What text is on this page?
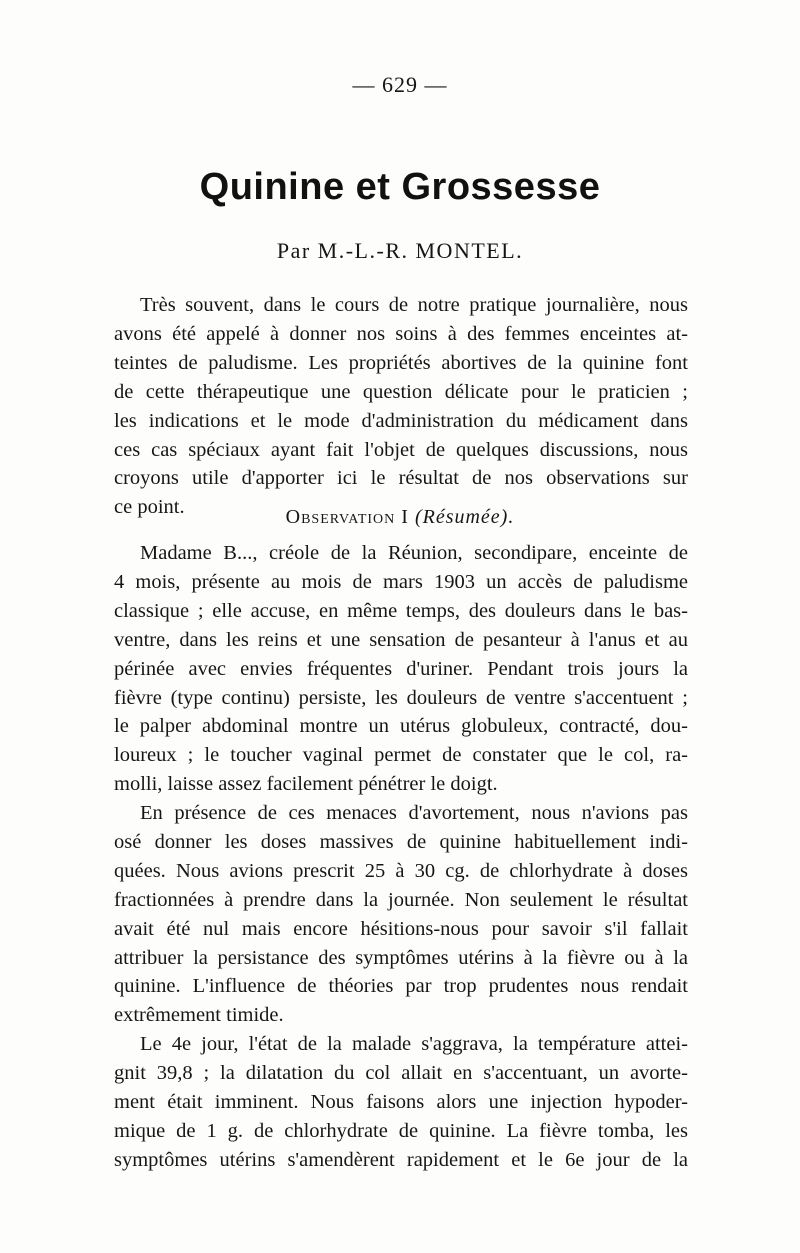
— 629 —
Quinine et Grossesse
Par M.-L.-R. MONTEL.
Très souvent, dans le cours de notre pratique journalière, nous
avons été appelé à donner nos soins à des femmes enceintes at-
teintes de paludisme. Les propriétés abortives de la quinine font
de cette thérapeutique une question délicate pour le praticien ;
les indications et le mode d'administration du médicament dans
ces cas spéciaux ayant fait l'objet de quelques discussions, nous
croyons utile d'apporter ici le résultat de nos observations sur
ce point.	Observation I (Résumée).
Madame B..., créole de la Réunion, secondipare, enceinte de
4 mois, présente au mois de mars 1903 un accès de paludisme
classique ; elle accuse, en même temps, des douleurs dans le bas-
ventre, dans les reins et une sensation de pesanteur à l'anus et au
périnée avec envies fréquentes d'uriner. Pendant trois jours la
fièvre (type continu) persiste, les douleurs de ventre s'accentuent ;
le palper abdominal montre un utérus globuleux, contracté, dou-
loureux ; le toucher vaginal permet de constater que le col, ra-
molli, laisse assez facilement pénétrer le doigt.
En présence de ces menaces d'avortement, nous n'avions pas
osé donner les doses massives de quinine habituellement indi-
quées. Nous avions prescrit 25 à 30 cg. de chlorhydrate à doses
fractionnées à prendre dans la journée. Non seulement le résultat
avait été nul mais encore hésitions-nous pour savoir s'il fallait
attribuer la persistance des symptômes utérins à la fièvre ou à la
quinine. L'influence de théories par trop prudentes nous rendait
extrêmement timide.
Le 4e jour, l'état de la malade s'aggrava, la température attei-
gnit 39,8 ; la dilatation du col allait en s'accentuant, un avorte-
ment était imminent. Nous faisons alors une injection hypoder-
mique de 1 g. de chlorhydrate de quinine. La fièvre tomba, les
symptômes utérins s'amendèrent rapidement et le 6e jour de la
